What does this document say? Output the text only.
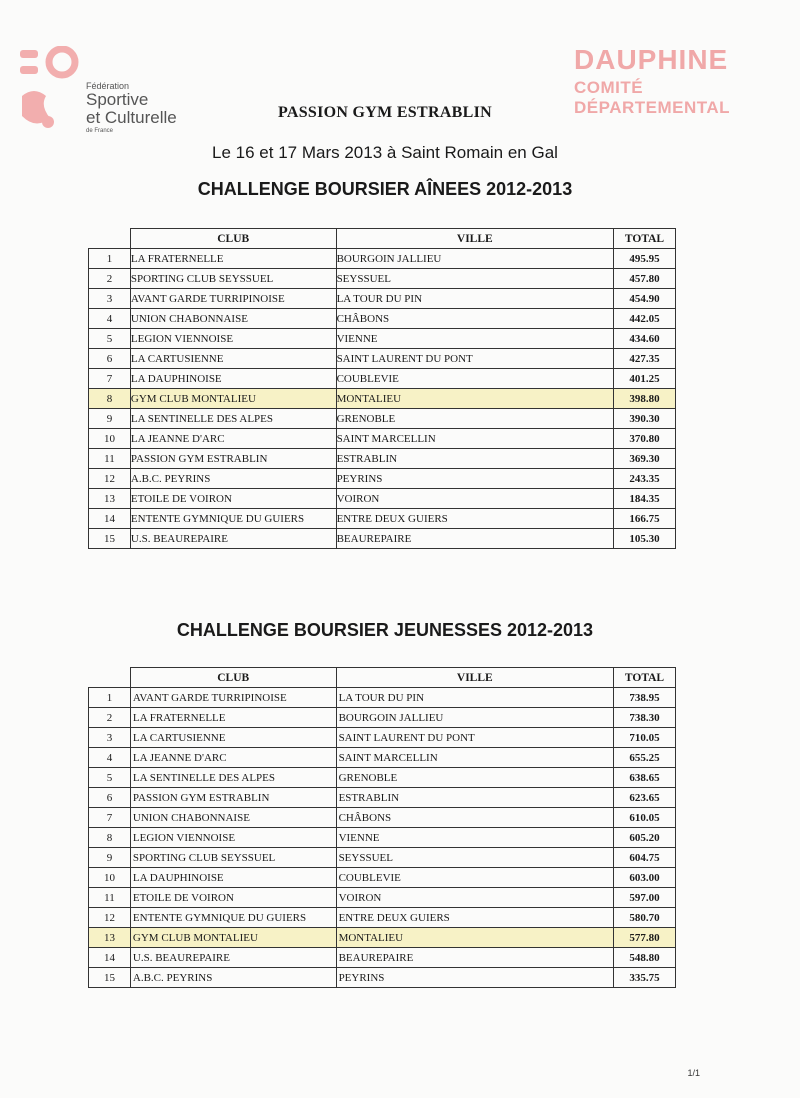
Fédération
Sportive
et Culturelle
de France
DAUPHINE
COMITÉ
DÉPARTEMENTAL
PASSION GYM ESTRABLIN
Le 16 et 17 Mars 2013 à Saint Romain en Gal
CHALLENGE BOURSIER AÎNEES 2012-2013
	CLUB	VILLE	TOTAL
1	LA FRATERNELLE	BOURGOIN JALLIEU	495.95
2	SPORTING CLUB SEYSSUEL	SEYSSUEL	457.80
3	AVANT GARDE TURRIPINOISE	LA TOUR DU PIN	454.90
4	UNION CHABONNAISE	CHÂBONS	442.05
5	LEGION VIENNOISE	VIENNE	434.60
6	LA CARTUSIENNE	SAINT LAURENT DU PONT	427.35
7	LA DAUPHINOISE	COUBLEVIE	401.25
8	GYM CLUB MONTALIEU	MONTALIEU	398.80
9	LA SENTINELLE DES ALPES	GRENOBLE	390.30
10	LA JEANNE D'ARC	SAINT MARCELLIN	370.80
11	PASSION GYM ESTRABLIN	ESTRABLIN	369.30
12	A.B.C. PEYRINS	PEYRINS	243.35
13	ETOILE DE VOIRON	VOIRON	184.35
14	ENTENTE GYMNIQUE DU GUIERS	ENTRE DEUX GUIERS	166.75
15	U.S. BEAUREPAIRE	BEAUREPAIRE	105.30
CHALLENGE BOURSIER JEUNESSES 2012-2013
	CLUB	VILLE	TOTAL
1	AVANT GARDE TURRIPINOISE	LA TOUR DU PIN	738.95
2	LA FRATERNELLE	BOURGOIN JALLIEU	738.30
3	LA CARTUSIENNE	SAINT LAURENT DU PONT	710.05
4	LA JEANNE D'ARC	SAINT MARCELLIN	655.25
5	LA SENTINELLE DES ALPES	GRENOBLE	638.65
6	PASSION GYM ESTRABLIN	ESTRABLIN	623.65
7	UNION CHABONNAISE	CHÂBONS	610.05
8	LEGION VIENNOISE	VIENNE	605.20
9	SPORTING CLUB SEYSSUEL	SEYSSUEL	604.75
10	LA DAUPHINOISE	COUBLEVIE	603.00
11	ETOILE DE VOIRON	VOIRON	597.00
12	ENTENTE GYMNIQUE DU GUIERS	ENTRE DEUX GUIERS	580.70
13	GYM CLUB MONTALIEU	MONTALIEU	577.80
14	U.S. BEAUREPAIRE	BEAUREPAIRE	548.80
15	A.B.C. PEYRINS	PEYRINS	335.75
1/1
